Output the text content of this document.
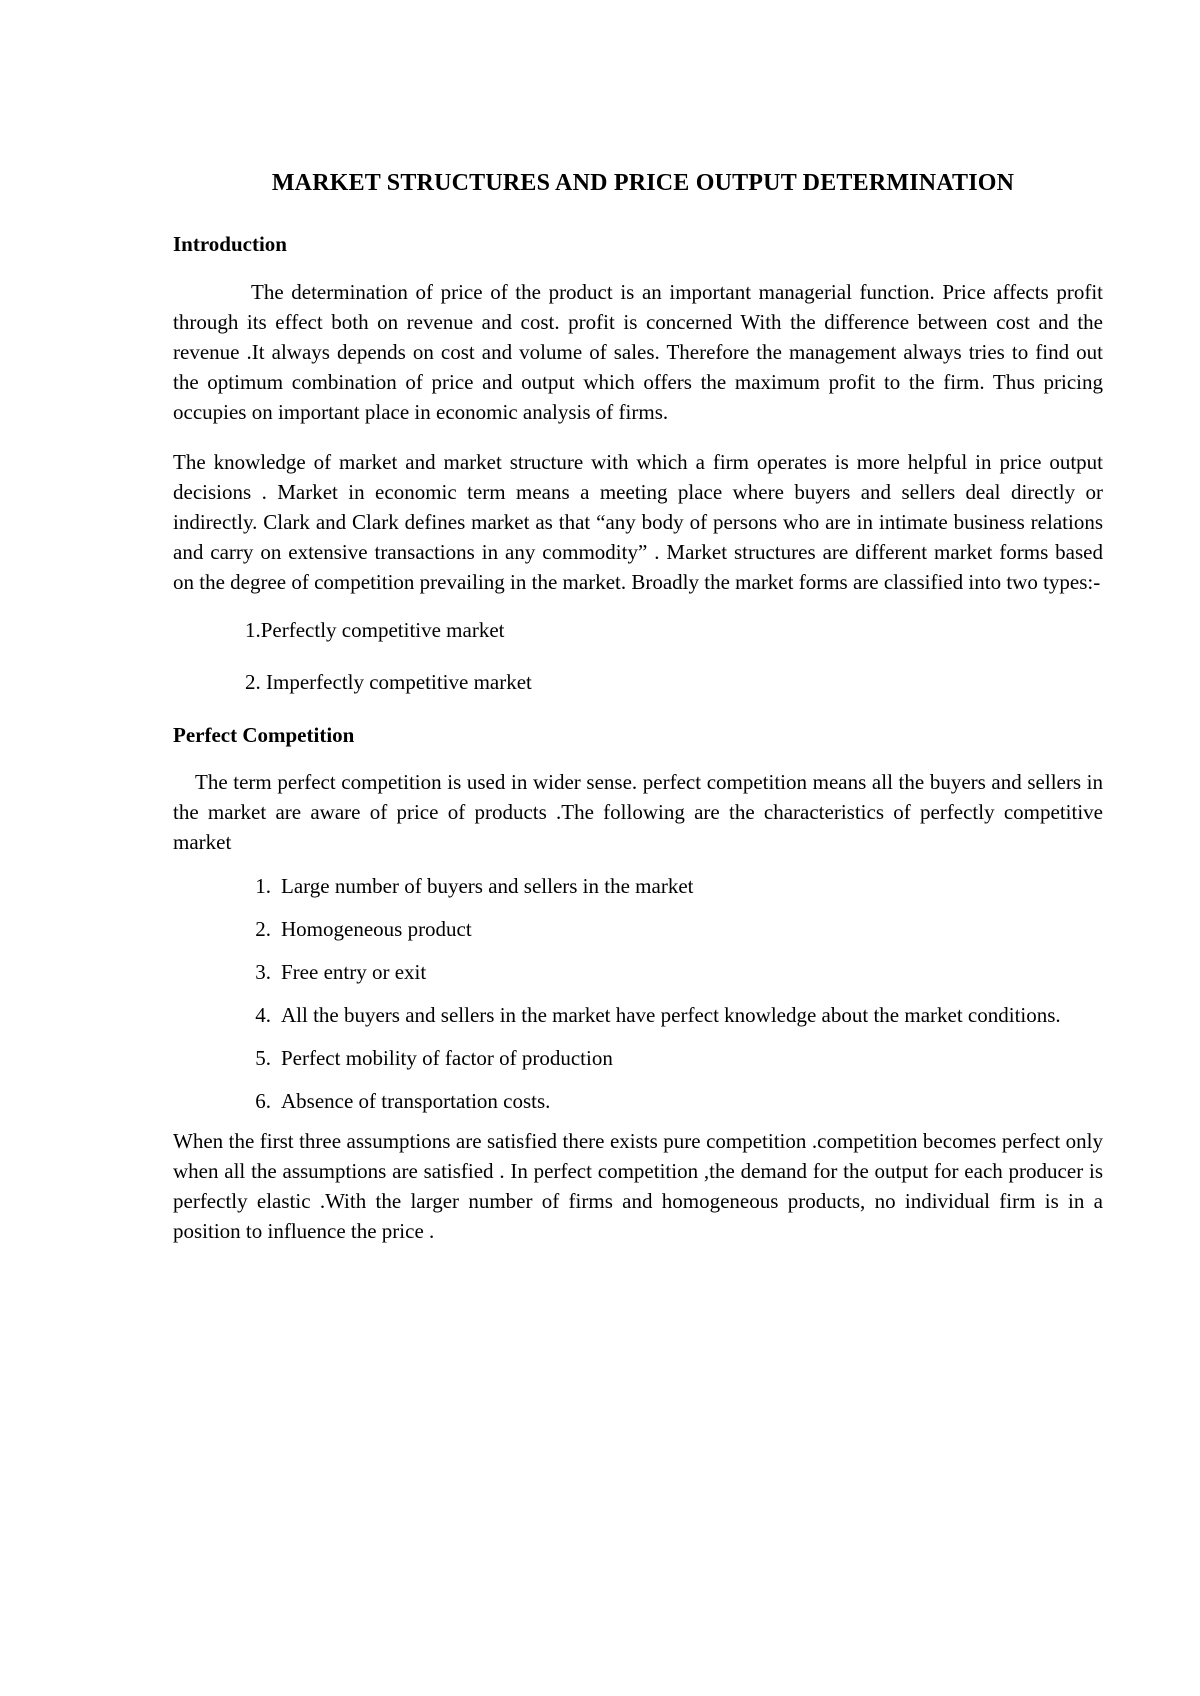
MARKET STRUCTURES AND PRICE OUTPUT DETERMINATION
Introduction

The determination of price of the product is an important managerial function. Price affects profit through its effect both on revenue and cost. profit is concerned With the difference between cost and the revenue .It always depends on cost and volume of sales. Therefore the management always tries to find out the optimum combination of price and output which offers the maximum profit to the firm. Thus pricing occupies on important place in economic analysis of firms.

The knowledge of market and market structure with which a firm operates is more helpful in price output decisions . Market in economic term means a meeting place where buyers and sellers deal directly or indirectly. Clark and Clark defines market as that “any body of persons who are in intimate business relations and carry on extensive transactions in any commodity” . Market structures are different market forms based on the degree of competition prevailing in the market. Broadly the market forms are classified into two types:-

1.Perfectly competitive market
2. Imperfectly competitive market
Perfect Competition

The term perfect competition is used in wider sense. perfect competition means all the buyers and sellers in the market are aware of price of products .The following are the characteristics of perfectly competitive market

1. Large number of buyers and sellers in the market
2. Homogeneous product
3. Free entry or exit
4. All the buyers and sellers in the market have perfect knowledge about the market conditions.
5. Perfect mobility of factor of production
6. Absence of transportation costs.

When the first three assumptions are satisfied there exists pure competition .competition becomes perfect only when all the assumptions are satisfied . In perfect competition ,the demand for the output for each producer is perfectly elastic .With the larger number of firms and homogeneous products, no individual firm is in a position to influence the price .
